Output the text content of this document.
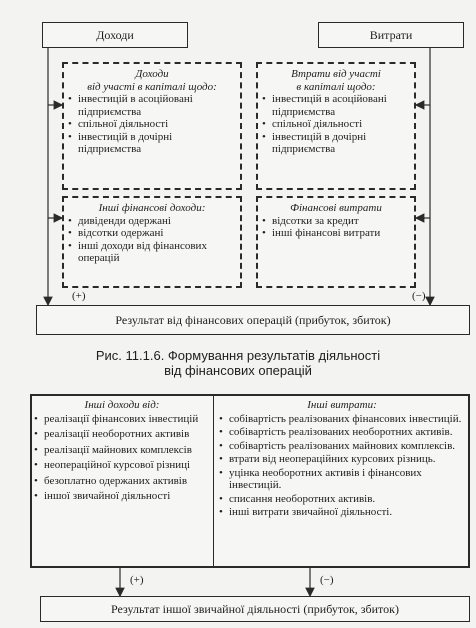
Доходи	Витрати
Доходи
від участі в капіталі щодо:
• інвестицій в асоційовані підприємства
• спільної діяльності
• інвестицій в дочірні підприємства
Втрати від участі
в капіталі щодо:
• інвестицій в асоційовані підприємства
• спільної діяльності
• інвестицій в дочірні підприємства
Інші фінансові доходи:
• дивіденди одержані
• відсотки одержані
• інші доходи від фінансових операцій
Фінансові витрати
• відсотки за кредит
• інші фінансові витрати
(+)	(−)
Результат від фінансових операцій (прибуток, збиток)
Рис. 11.1.6. Формування результатів діяльності
від фінансових операцій
Інші доходи від:
• реалізації фінансових інвестицій
• реалізації необоротних активів
• реалізації майнових комплексів
• неопераційної курсової різниці
• безоплатно одержаних активів
• іншої звичайної діяльності
Інші витрати:
• собівартість реалізованих фінансових інвестицій.
• собівартість реалізованих необоротних активів.
• собівартість реалізованих майнових комплексів.
• втрати від неопераційних курсових різниць.
• уцінка необоротних активів і фінансових інвестицій.
• списання необоротних активів.
• інші витрати звичайної діяльності.
(+)	(−)
Результат іншої звичайної діяльності (прибуток, збиток)
